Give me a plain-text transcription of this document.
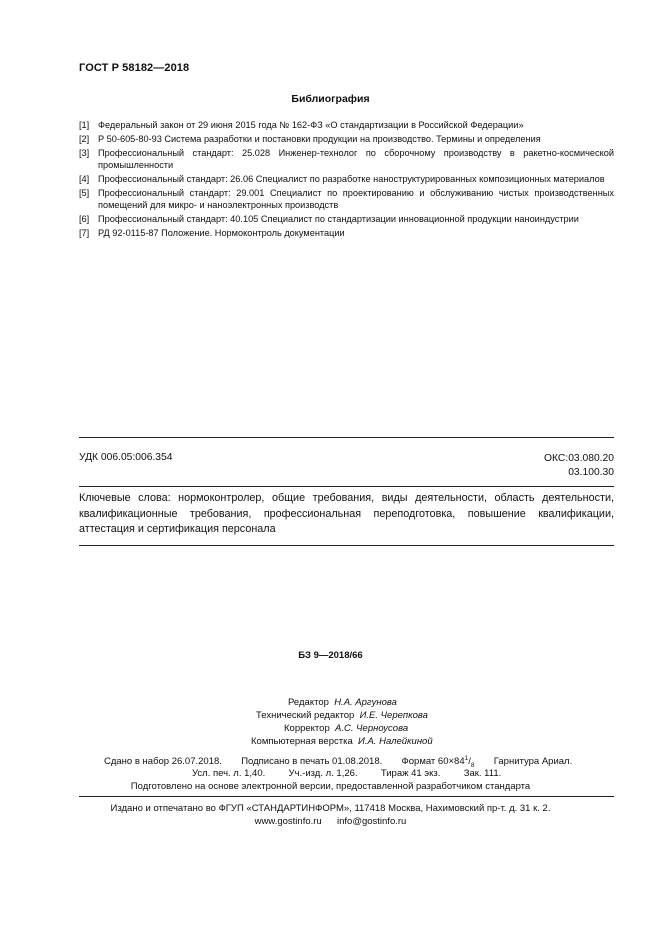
ГОСТ Р 58182—2018
Библиография
[1] Федеральный закон от 29 июня 2015 года № 162-ФЗ «О стандартизации в Российской Федерации»
[2] Р 50-605-80-93 Система разработки и постановки продукции на производство. Термины и определения
[3] Профессиональный стандарт: 25.028 Инженер-технолог по сборочному производству в ракетно-космической промышленности
[4] Профессиональный стандарт: 26.06 Специалист по разработке наноструктурированных композиционных материалов
[5] Профессиональный стандарт: 29.001 Специалист по проектированию и обслуживанию чистых производственных помещений для микро- и наноэлектронных производств
[6] Профессиональный стандарт: 40.105 Специалист по стандартизации инновационной продукции наноиндустрии
[7] РД 92-0115-87 Положение. Нормоконтроль документации
УДК 006.05:006.354	ОКС:03.080.20
03.100.30
Ключевые слова: нормоконтролер, общие требования, виды деятельности, область деятельности, квалификационные требования, профессиональная переподготовка, повышение квалификации, аттестация и сертификация персонала
БЗ 9—2018/66
Редактор Н.А. Аргунова
Технический редактор И.Е. Черепкова
Корректор А.С. Черноусова
Компьютерная верстка И.А. Налейкиной
Сдано в набор 26.07.2018. Подписано в печать 01.08.2018. Формат $60\times 84^1/_8$ Гарнитура Ариал.
Усл. печ. л. 1,40. Уч.-изд. л. 1,26. Тираж 41 экз. Зак. 111.
Подготовлено на основе электронной версии, предоставленной разработчиком стандарта
Издано и отпечатано во ФГУП «СТАНДАРТИНФОРМ», 117418 Москва, Нахимовский пр-т. д. 31 к. 2.
www.gostinfo.ru info@gostinfo.ru
